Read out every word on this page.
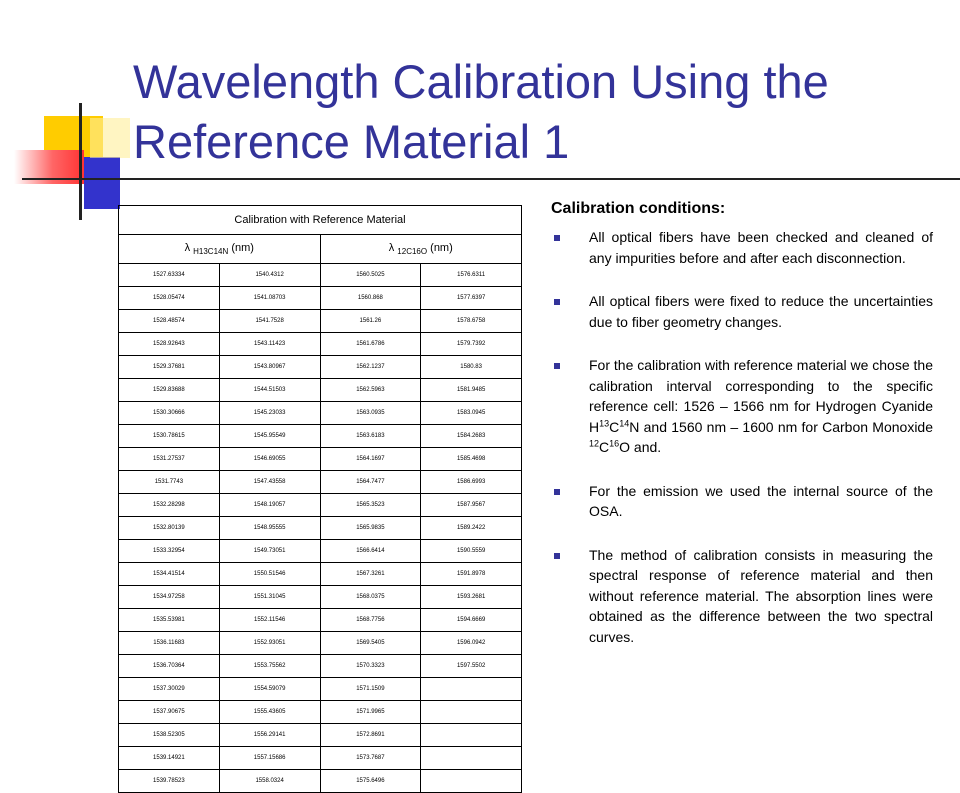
Wavelength Calibration Using the
Reference Material 1
Calibration with Reference Material			
λ $_{H13C14N}$ (nm)		λ $_{12C16O}$ (nm)	
1527.63334	1540.4312	1560.5025	1576.6311
1528.05474	1541.08703	1560.868	1577.6397
1528.48574	1541.7528	1561.26	1578.6758
1528.92643	1543.11423	1561.6786	1579.7392
1529.37681	1543.80967	1562.1237	1580.83
1529.83688	1544.51503	1562.5963	1581.9485
1530.30666	1545.23033	1563.0935	1583.0945
1530.78615	1545.95549	1563.6183	1584.2683
1531.27537	1546.69055	1564.1697	1585.4698
1531.7743	1547.43558	1564.7477	1586.6993
1532.28298	1548.19057	1565.3523	1587.9567
1532.80139	1548.95555	1565.9835	1589.2422
1533.32954	1549.73051	1566.6414	1590.5559
1534.41514	1550.51546	1567.3261	1591.8978
1534.97258	1551.31045	1568.0375	1593.2681
1535.53981	1552.11546	1568.7756	1594.6669
1536.11683	1552.93051	1569.5405	1596.0942
1536.70364	1553.75562	1570.3323	1597.5502
1537.30029	1554.59079	1571.1509	
1537.90675	1555.43605	1571.9965	
1538.52305	1556.29141	1572.8691	
1539.14921	1557.15686	1573.7687	
1539.78523	1558.0324	1575.6496	
Calibration conditions:
All optical fibers have been checked and cleaned of any impurities before and after each disconnection.
All optical fibers were fixed to reduce the uncertainties due to fiber geometry changes.
For the calibration with reference material we chose the calibration interval corresponding to the specific reference cell: 1526 – 1566 nm for Hydrogen Cyanide $H^{13}C^{14}N$ and 1560 nm – 1600 nm for Carbon Monoxide $^{12}C^{16}O$ and.
For the emission we used the internal source of the OSA.
The method of calibration consists in measuring the spectral response of reference material and then without reference material. The absorption lines were obtained as the difference between the two spectral curves.
